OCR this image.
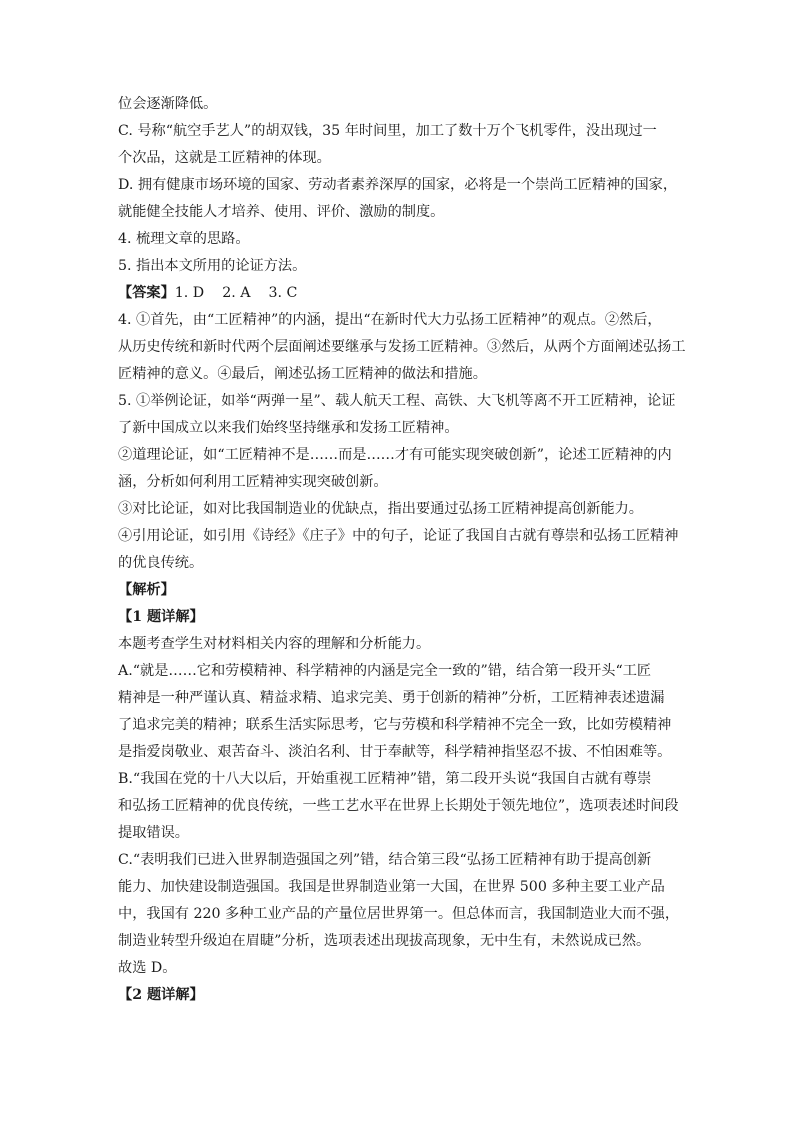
位会逐渐降低。
C. 号称“航空手艺人”的胡双钱，35 年时间里，加工了数十万个飞机零件，没出现过一
个次品，这就是工匠精神的体现。
D. 拥有健康市场环境的国家、劳动者素养深厚的国家，必将是一个崇尚工匠精神的国家，
就能健全技能人才培养、使用、评价、激励的制度。
4. 梳理文章的思路。
5. 指出本文所用的论证方法。
【答案】1. D 2. A 3. C
4. ①首先，由“工匠精神”的内涵，提出“在新时代大力弘扬工匠精神”的观点。②然后，
从历史传统和新时代两个层面阐述要继承与发扬工匠精神。③然后，从两个方面阐述弘扬工
匠精神的意义。④最后，阐述弘扬工匠精神的做法和措施。
5. ①举例论证，如举“两弹一星”、载人航天工程、高铁、大飞机等离不开工匠精神，论证
了新中国成立以来我们始终坚持继承和发扬工匠精神。
②道理论证，如“工匠精神不是……而是……才有可能实现突破创新”，论述工匠精神的内
涵，分析如何利用工匠精神实现突破创新。
③对比论证，如对比我国制造业的优缺点，指出要通过弘扬工匠精神提高创新能力。
④引用论证，如引用《诗经》《庄子》中的句子，论证了我国自古就有尊崇和弘扬工匠精神
的优良传统。
【解析】
【1 题详解】
本题考查学生对材料相关内容的理解和分析能力。
A.“就是……它和劳模精神、科学精神的内涵是完全一致的”错，结合第一段开头“工匠
精神是一种严谨认真、精益求精、追求完美、勇于创新的精神”分析，工匠精神表述遗漏
了追求完美的精神；联系生活实际思考，它与劳模和科学精神不完全一致，比如劳模精神
是指爱岗敬业、艰苦奋斗、淡泊名利、甘于奉献等，科学精神指坚忍不拔、不怕困难等。
B.“我国在党的十八大以后，开始重视工匠精神”错，第二段开头说“我国自古就有尊崇
和弘扬工匠精神的优良传统，一些工艺水平在世界上长期处于领先地位”，选项表述时间段
提取错误。
C.“表明我们已进入世界制造强国之列”错，结合第三段“弘扬工匠精神有助于提高创新
能力、加快建设制造强国。我国是世界制造业第一大国，在世界 500 多种主要工业产品
中，我国有 220 多种工业产品的产量位居世界第一。但总体而言，我国制造业大而不强，
制造业转型升级迫在眉睫”分析，选项表述出现拔高现象，无中生有，未然说成已然。
故选 D。
【2 题详解】
